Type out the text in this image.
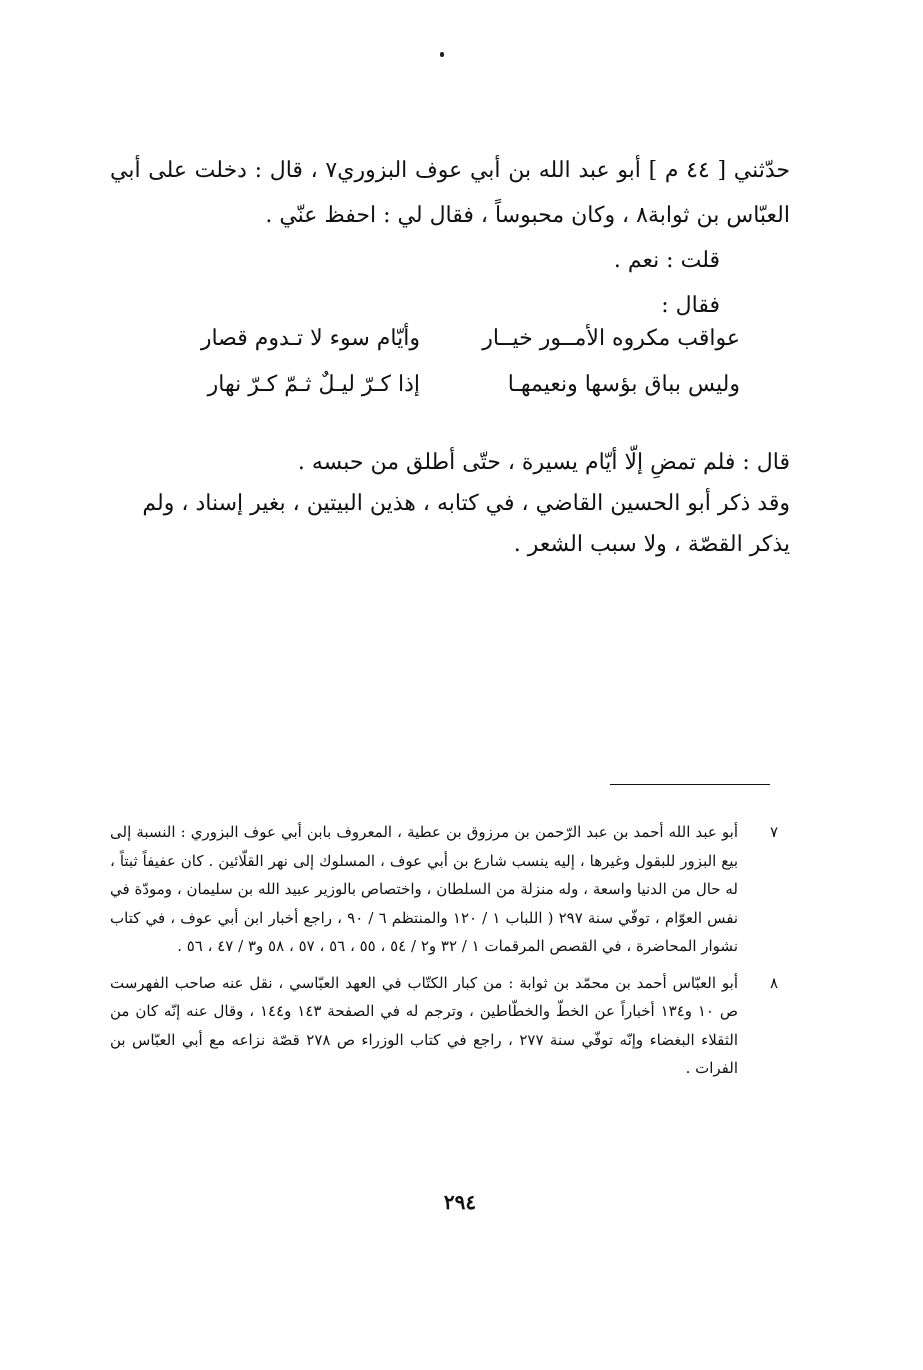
حدّثني [ ٤٤ م ] أبو عبد الله بن أبي عوف البزوري٧ ، قال : دخلت على أبي العبّاس بن ثوابة٨ ، وكان محبوساً ، فقال لي : احفظ عنّي .

قلت : نعم .

فقال :

عواقب مكروه الأمــور خيــار
وأيّام سوء لا تـدوم قصار
وليس بباق بؤسها ونعيمهـا
إذا كـرّ ليـلٌ ثـمّ كـرّ نهار

قال : فلم تمضِ إلّا أيّام يسيرة ، حتّى أطلق من حبسه .

وقد ذكر أبو الحسين القاضي ، في كتابه ، هذين البيتين ، بغير إسناد ، ولم يذكر القصّة ، ولا سبب الشعر .

٧
أبو عبد الله أحمد بن عبد الرّحمن بن مرزوق بن عطية ، المعروف بابن أبي عوف البزوري : النسبة إلى بيع البزور للبقول وغيرها ، إليه ينسب شارع بن أبي عوف ، المسلوك إلى نهر القلّائين . كان عفيفاً ثبتاً ، له حال من الدنيا واسعة ، وله منزلة من السلطان ، واختصاص بالوزير عبيد الله بن سليمان ، ومودّة في نفس العوّام ، توفّي سنة ٢٩٧ ( اللباب ١ / ١٢٠ والمنتظم ٦ / ٩٠ ، راجع أخبار ابن أبي عوف ، في كتاب نشوار المحاضرة ، في القصص المرقمات ١ / ٣٢ و٢ / ٥٤ ، ٥٥ ، ٥٦ ، ٥٧ ، ٥٨ و٣ / ٤٧ ، ٥٦ .

٨
أبو العبّاس أحمد بن محمّد بن ثوابة : من كبار الكتّاب في العهد العبّاسي ، نقل عنه صاحب الفهرست ص ١٠ و١٣٤ أخباراً عن الخطّ والخطّاطين ، وترجم له في الصفحة ١٤٣ و١٤٤ ، وقال عنه إنّه كان من الثقلاء البغضاء وإنّه توفّي سنة ٢٧٧ ، راجع في كتاب الوزراء ص ٢٧٨ قصّة نزاعه مع أبي العبّاس بن الفرات .

٢٩٤
